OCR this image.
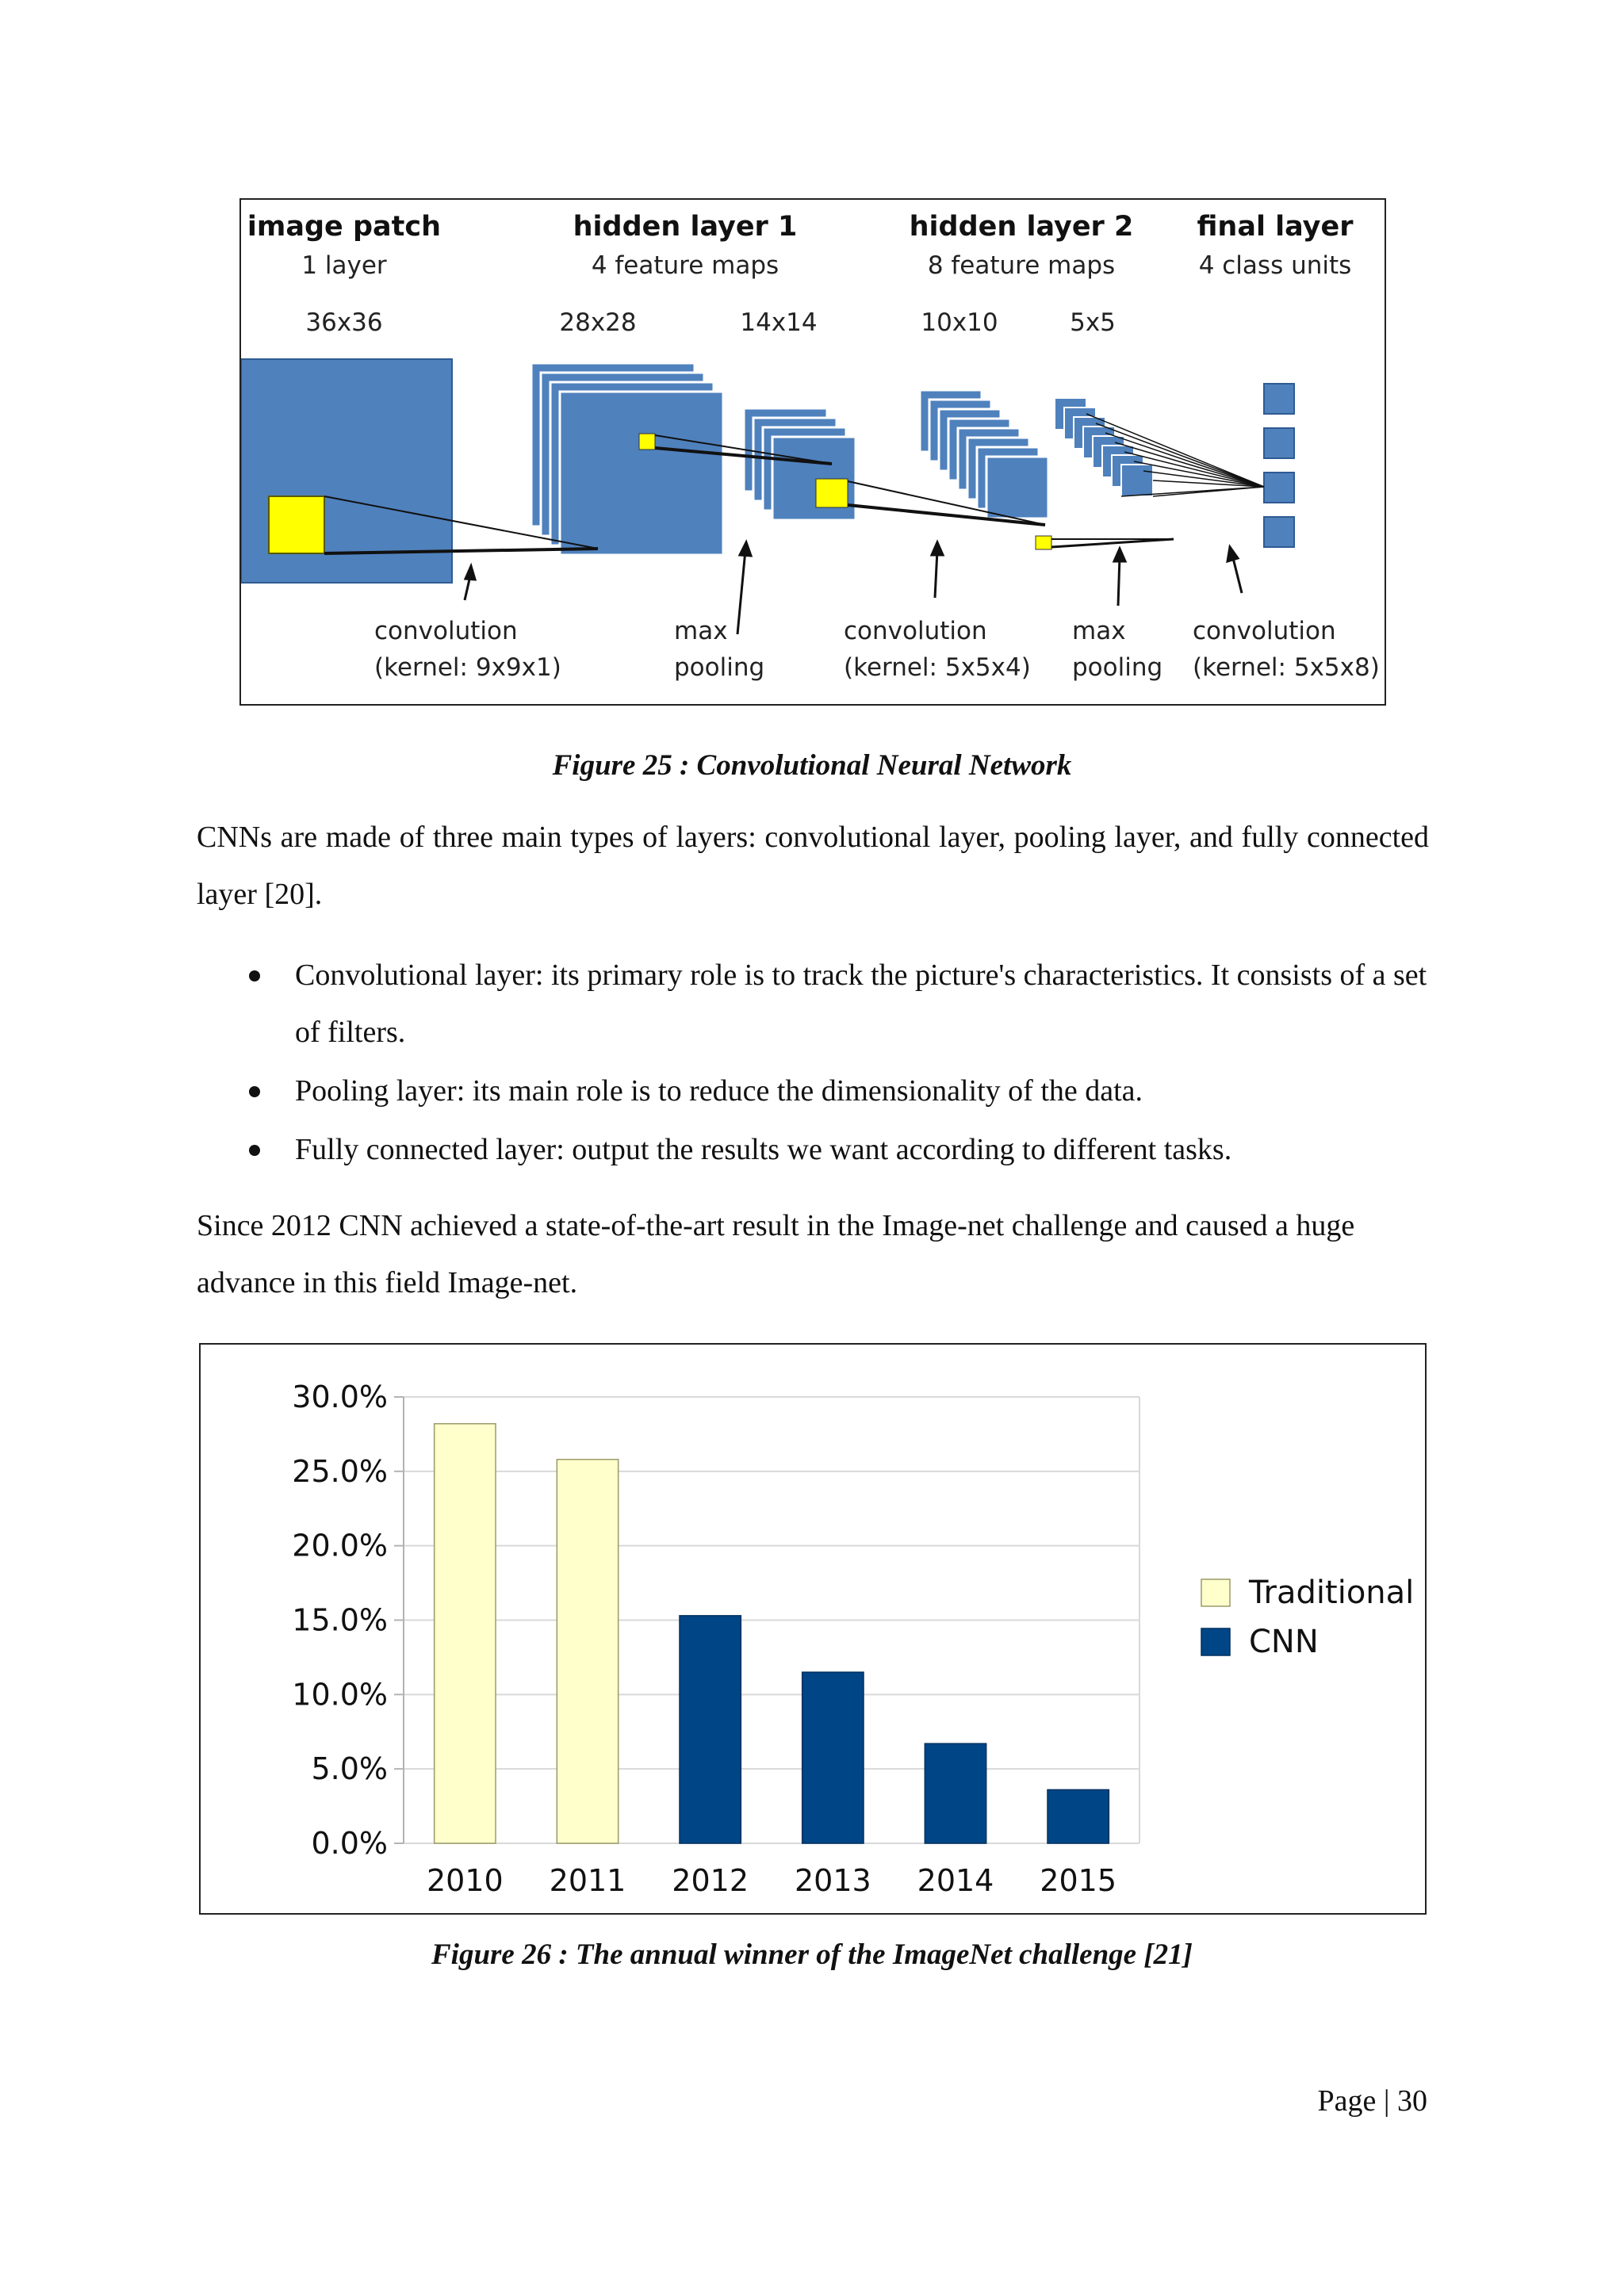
image patch	hidden layer 1	hidden layer 2 final layer
1 layer	4 feature maps	8 feature maps	4 class units
36x36	28x28	14x14	10x10	5x5
convolution
(kernel: 9x9x1)
max
pooling
convolution
(kernel: 5x5x4)
max
pooling
convolution
(kernel: 5x5x8)
Figure 25 : Convolutional Neural Network
CNNs are made of three main types of layers: convolutional layer, pooling layer, and fully connected layer [20].
Convolutional layer: its primary role is to track the picture's characteristics. It consists of a set of filters.
Pooling layer: its main role is to reduce the dimensionality of the data.
Fully connected layer: output the results we want according to different tasks.
Since 2012 CNN achieved a state-of-the-art result in the Image-net challenge and caused a huge advance in this field Image-net.
0.0%
5.0%
10.0%
15.0%
20.0%
25.0%
30.0%
2010 2011 2012 2013 2014 2015
Traditional
CNN
Figure 26 : The annual winner of the ImageNet challenge [21]
Page | 30
